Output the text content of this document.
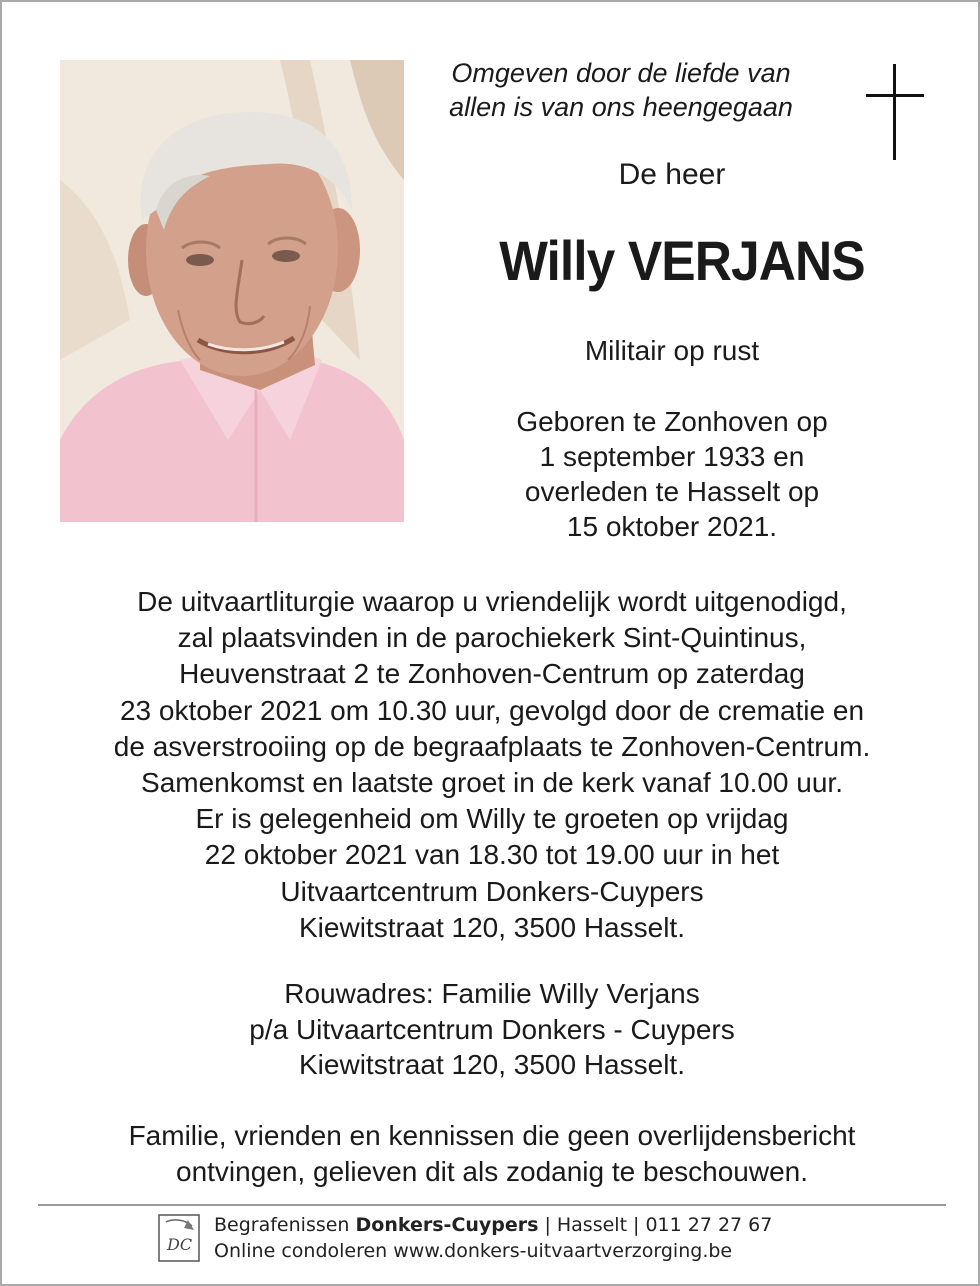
Omgeven door de liefde van
allen is van ons heengegaan
De heer
Willy VERJANS
Militair op rust
Geboren te Zonhoven op
1 september 1933 en
overleden te Hasselt op
15 oktober 2021.
De uitvaartliturgie waarop u vriendelijk wordt uitgenodigd,
zal plaatsvinden in de parochiekerk Sint-Quintinus,
Heuvenstraat 2 te Zonhoven-Centrum op zaterdag
23 oktober 2021 om 10.30 uur, gevolgd door de crematie en
de asverstrooiing op de begraafplaats te Zonhoven-Centrum.
Samenkomst en laatste groet in de kerk vanaf 10.00 uur.
Er is gelegenheid om Willy te groeten op vrijdag
22 oktober 2021 van 18.30 tot 19.00 uur in het
Uitvaartcentrum Donkers-Cuypers
Kiewitstraat 120, 3500 Hasselt.
Rouwadres: Familie Willy Verjans
p/a Uitvaartcentrum Donkers - Cuypers
Kiewitstraat 120, 3500 Hasselt.
Familie, vrienden en kennissen die geen overlijdensbericht
ontvingen, gelieven dit als zodanig te beschouwen.
DC
Begrafenissen Donkers-Cuypers | Hasselt | 011 27 27 67
Online condoleren www.donkers-uitvaartverzorging.be
